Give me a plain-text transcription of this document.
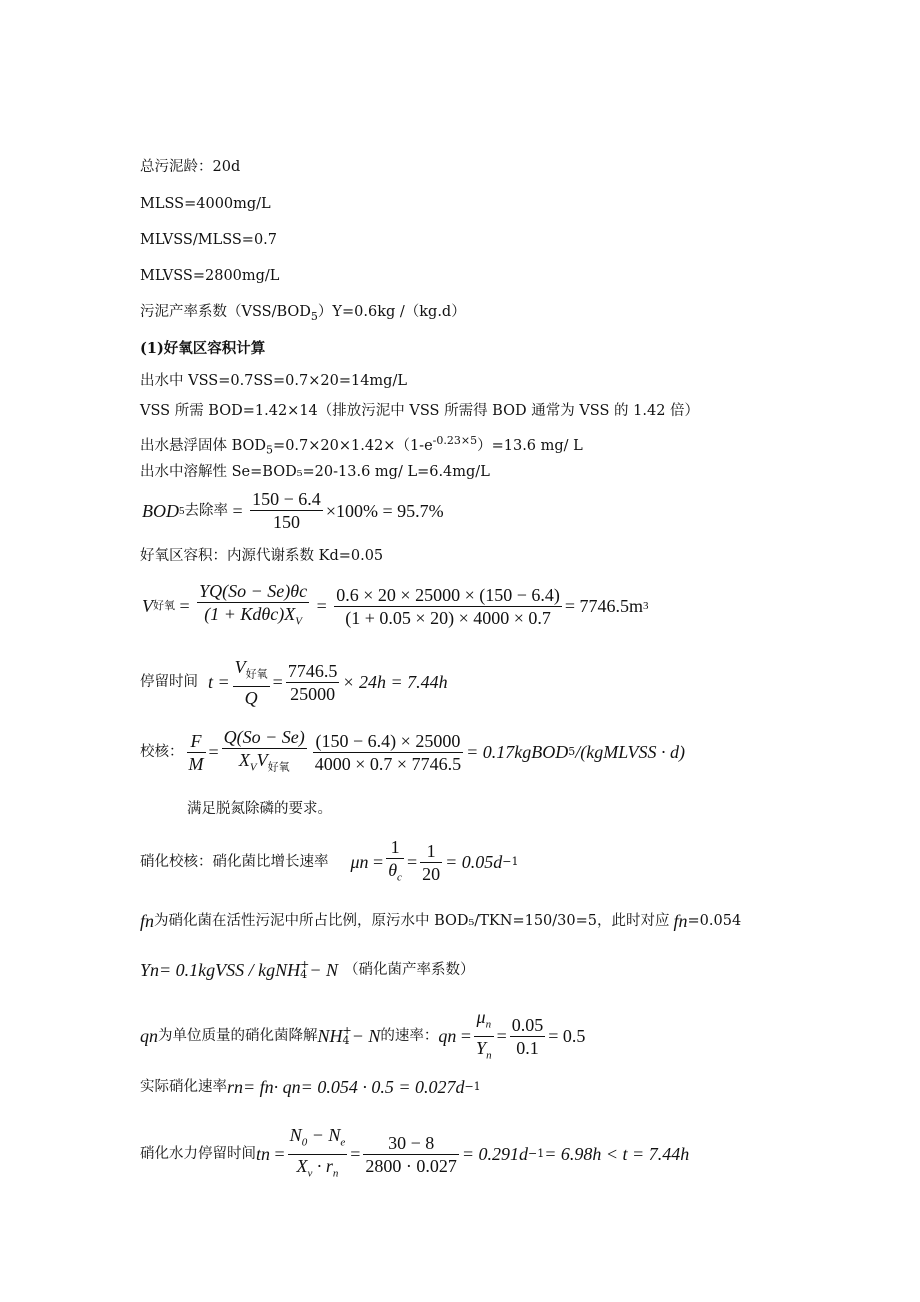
总污泥龄：20d
MLSS=4000mg/L
MLVSS/MLSS=0.7
MLVSS=2800mg/L
污泥产率系数$(VSS/BOD_5)Y=0.6kg$ /（kg.d）
(1)好氧区容积计算
出水中 VSS=0.7SS=0.7×20=14mg/L
VSS 所需 BOD=1.42×14（排放污泥中 VSS 所需得 BOD 通常为 VSS 的 1.42 倍）
出水悬浮固体 $BOD_5=0.7\times 20\times 1.42\times(1-e^{-0.23\times 5})=13.6$ mg/ L
出水中溶解性 Se=BOD₅=20-13.6 mg/ L=6.4mg/L
BOD 5 去除率 = $\frac{150 - 6.4}{150} \times 100\% = 95.7\%$
好氧区容积：内源代谢系数 Kd=0.05
V 好氧 = $\frac{YQ(So - Se)\theta c}{(1 + Kd\theta c)X_V} = \frac{0.6 \times 20 \times 25000 \times (150 - 6.4)}{(1 + 0.05 \times 20) \times 4000 \times 0.7} = 7746.5m$ 3
停留时间 $t = \frac{V_{好氧}}{Q} = \frac{7746.5}{25000} \times 24h = 7.44h$
校核： $\frac{F}{M} = \frac{Q(So - Se)}{X_VV_{好氧}} \frac{(150 - 6.4) \times 25000}{4000 \times 0.7 \times 7746.5}$ = 0.17kgBOD 5 /(kgMLVSS · d)
满足脱氮除磷的要求。
硝化校核：硝化菌比增长速率 μ $n = \frac{1}{\theta_c} = \frac{1}{20} = 0.05d -1$
f n 为硝化菌在活性污泥中所占比例，原污水中 BOD₅/TKN=150/30=5，此时对应 f n =0.054
Y n = 0.1kgVSS / kgNH +
4 − N （硝化菌产率系数）
q n 为单位质量的硝化菌降解 NH +
4 − N 的速率： q $n = \frac{\mu_n}{Y_n} = \frac{0.05}{0.1} = 0.5$
实际硝化速率 r n = f n · q n = 0.054 · 0.5 = 0.027d −1
硝化水力停留时间 t $n = \frac{N_0 - N_e}{X_v \cdot r_n} = \frac{30 - 8}{2800 \cdot 0.027} = 0.291d -1 = 6.98h < t = 7.44h$
